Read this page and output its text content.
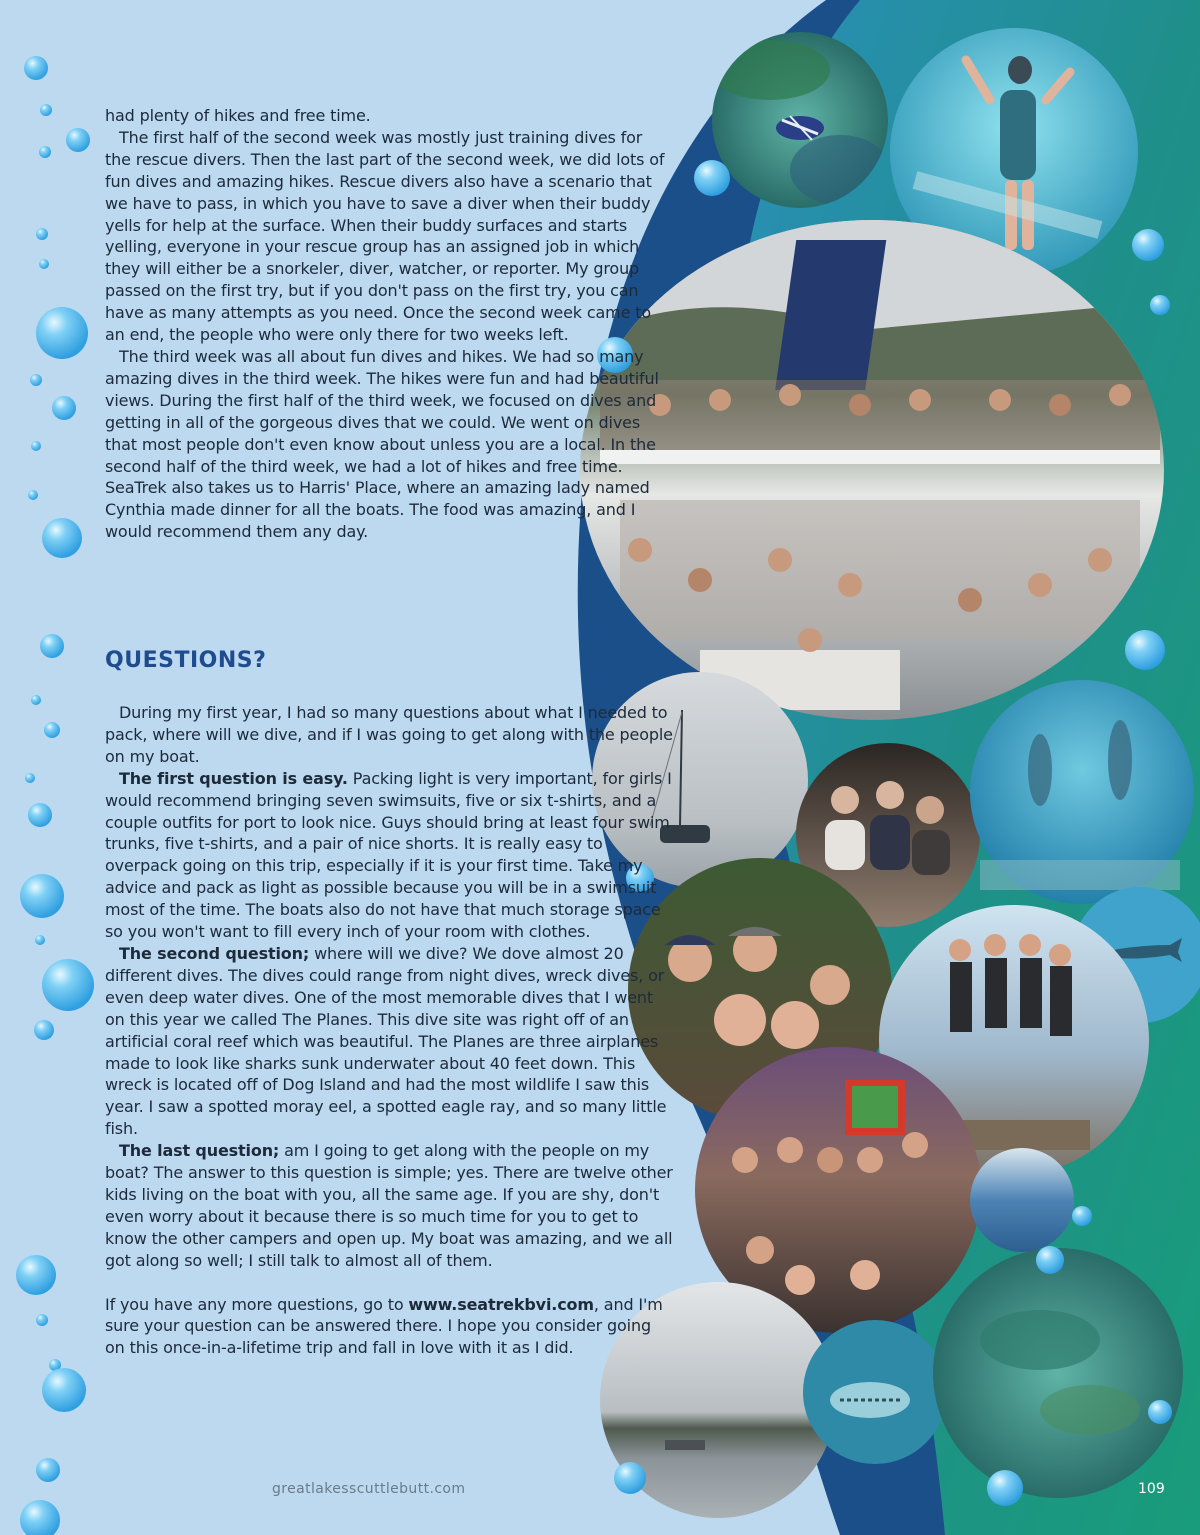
had plenty of hikes and free time.

The first half of the second week was mostly just training dives for the rescue divers. Then the last part of the second week, we did lots of fun dives and amazing hikes. Rescue divers also have a scenario that we have to pass, in which you have to save a diver when their buddy yells for help at the surface. When their buddy surfaces and starts yelling, everyone in your rescue group has an assigned job in which they will either be a snorkeler, diver, watcher, or reporter. My group passed on the first try, but if you don't pass on the first try, you can have as many attempts as you need. Once the second week came to an end, the people who were only there for two weeks left.

The third week was all about fun dives and hikes. We had so many amazing dives in the third week. The hikes were fun and had beautiful views. During the first half of the third week, we focused on dives and getting in all of the gorgeous dives that we could. We went on dives that most people don't even know about unless you are a local. In the second half of the third week, we had a lot of hikes and free time. SeaTrek also takes us to Harris' Place, where an amazing lady named Cynthia made dinner for all the boats. The food was amazing, and I would recommend them any day.

QUESTIONS?

During my first year, I had so many questions about what I needed to pack, where will we dive, and if I was going to get along with the people on my boat.

The first question is easy. Packing light is very important, for girls I would recommend bringing seven swimsuits, five or six t-shirts, and a couple outfits for port to look nice. Guys should bring at least four swim trunks, five t-shirts, and a pair of nice shorts. It is really easy to overpack going on this trip, especially if it is your first time. Take my advice and pack as light as possible because you will be in a swimsuit most of the time. The boats also do not have that much storage space so you won't want to fill every inch of your room with clothes.

The second question; where will we dive? We dove almost 20 different dives. The dives could range from night dives, wreck dives, or even deep water dives. One of the most memorable dives that I went on this year we called The Planes. This dive site was right off of an artificial coral reef which was beautiful. The Planes are three airplanes made to look like sharks sunk underwater about 40 feet down. This wreck is located off of Dog Island and had the most wildlife I saw this year. I saw a spotted moray eel, a spotted eagle ray, and so many little fish.

The last question; am I going to get along with the people on my boat? The answer to this question is simple; yes. There are twelve other kids living on the boat with you, all the same age. If you are shy, don't even worry about it because there is so much time for you to get to know the other campers and open up. My boat was amazing, and we all got along so well; I still talk to almost all of them.

If you have any more questions, go to www.seatrekbvi.com, and I'm sure your question can be answered there. I hope you consider going on this once-in-a-lifetime trip and fall in love with it as I did.

greatlakesscuttlebutt.com	109
